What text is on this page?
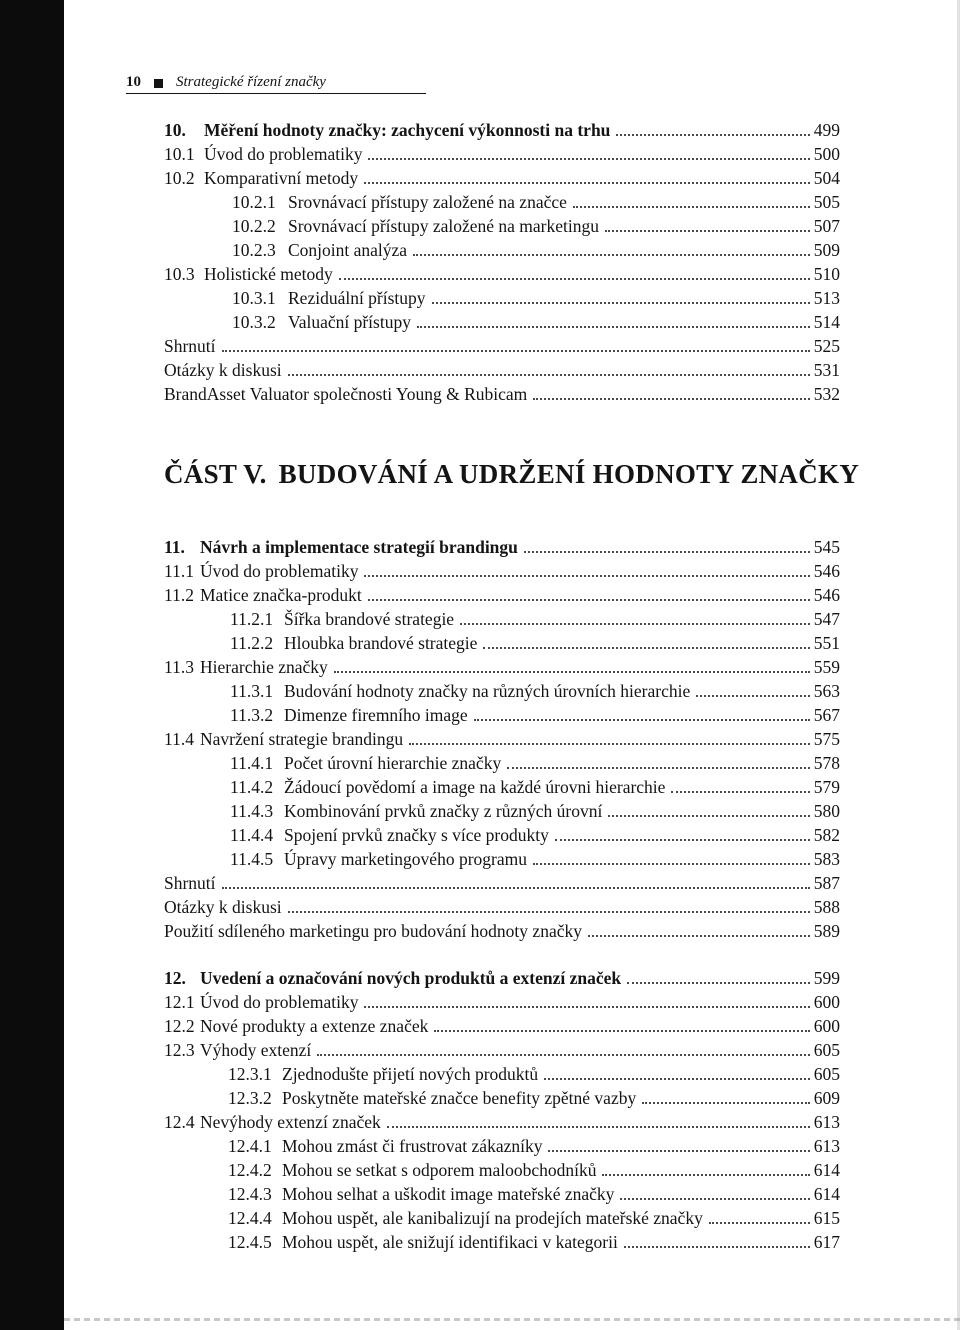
10 Strategické řízení značky
ČÁST V. BUDOVÁNÍ A UDRŽENÍ HODNOTY ZNAČKY
10.	Měření hodnoty značky: zachycení výkonnosti na trhu	499
10.1 Úvod do problematiky	500
10.2 Komparativní metody	504
10.2.1 Srovnávací přístupy založené na značce	505
10.2.2 Srovnávací přístupy založené na marketingu	507
10.2.3 Conjoint analýza	509
10.3 Holistické metody	510
10.3.1 Reziduální přístupy	513
10.3.2 Valuační přístupy	514
Shrnutí	525
Otázky k diskusi	531
BrandAsset Valuator společnosti Young & Rubicam	532
11. Návrh a implementace strategií brandingu	545
11.1 Úvod do problematiky	546
11.2 Matice značka-produkt	546
11.2.1 Šířka brandové strategie	547
11.2.2 Hloubka brandové strategie	551
11.3 Hierarchie značky	559
11.3.1 Budování hodnoty značky na různých úrovních hierarchie	563
11.3.2 Dimenze firemního image	567
11.4 Navržení strategie brandingu	575
11.4.1 Počet úrovní hierarchie značky	578
11.4.2 Žádoucí povědomí a image na každé úrovni hierarchie	579
11.4.3 Kombinování prvků značky z různých úrovní	580
11.4.4 Spojení prvků značky s více produkty	582
11.4.5 Úpravy marketingového programu	583
Shrnutí	587
Otázky k diskusi	588
Použití sdíleného marketingu pro budování hodnoty značky	589
12. Uvedení a označování nových produktů a extenzí značek	599
12.1 Úvod do problematiky	600
12.2 Nové produkty a extenze značek	600
12.3 Výhody extenzí	605
12.3.1 Zjednodušte přijetí nových produktů	605
12.3.2 Poskytněte mateřské značce benefity zpětné vazby	609
12.4 Nevýhody extenzí značek	613
12.4.1 Mohou zmást či frustrovat zákazníky	613
12.4.2 Mohou se setkat s odporem maloobchodníků	614
12.4.3 Mohou selhat a uškodit image mateřské značky	614
12.4.4 Mohou uspět, ale kanibalizují na prodejích mateřské značky	615
12.4.5 Mohou uspět, ale snižují identifikaci v kategorii	617
